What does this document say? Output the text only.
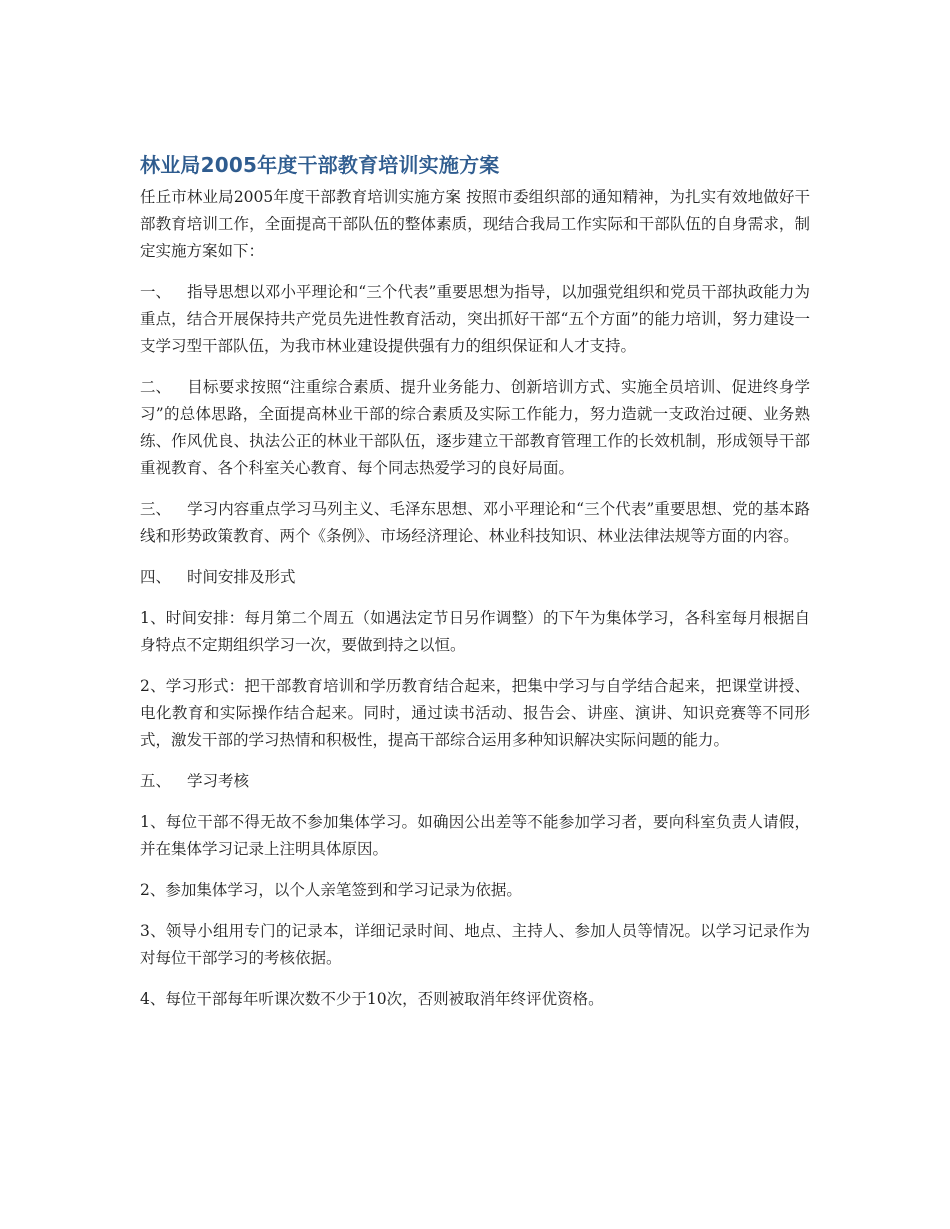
林业局2005年度干部教育培训实施方案

任丘市林业局2005年度干部教育培训实施方案 按照市委组织部的通知精神，为扎实有效地做好干部教育培训工作，全面提高干部队伍的整体素质，现结合我局工作实际和干部队伍的自身需求，制定实施方案如下：

一、 指导思想以邓小平理论和“三个代表”重要思想为指导，以加强党组织和党员干部执政能力为重点，结合开展保持共产党员先进性教育活动，突出抓好干部“五个方面”的能力培训，努力建设一支学习型干部队伍，为我市林业建设提供强有力的组织保证和人才支持。

二、 目标要求按照“注重综合素质、提升业务能力、创新培训方式、实施全员培训、促进终身学习”的总体思路，全面提高林业干部的综合素质及实际工作能力，努力造就一支政治过硬、业务熟练、作风优良、执法公正的林业干部队伍，逐步建立干部教育管理工作的长效机制，形成领导干部重视教育、各个科室关心教育、每个同志热爱学习的良好局面。

三、 学习内容重点学习马列主义、毛泽东思想、邓小平理论和“三个代表”重要思想、党的基本路线和形势政策教育、两个《条例》、市场经济理论、林业科技知识、林业法律法规等方面的内容。

四、 时间安排及形式

1、时间安排：每月第二个周五（如遇法定节日另作调整）的下午为集体学习，各科室每月根据自身特点不定期组织学习一次，要做到持之以恒。

2、学习形式：把干部教育培训和学历教育结合起来，把集中学习与自学结合起来，把课堂讲授、电化教育和实际操作结合起来。同时，通过读书活动、报告会、讲座、演讲、知识竞赛等不同形式，激发干部的学习热情和积极性，提高干部综合运用多种知识解决实际问题的能力。

五、 学习考核

1、每位干部不得无故不参加集体学习。如确因公出差等不能参加学习者，要向科室负责人请假，并在集体学习记录上注明具体原因。

2、参加集体学习，以个人亲笔签到和学习记录为依据。

3、领导小组用专门的记录本，详细记录时间、地点、主持人、参加人员等情况。以学习记录作为对每位干部学习的考核依据。

4、每位干部每年听课次数不少于10次，否则被取消年终评优资格。
